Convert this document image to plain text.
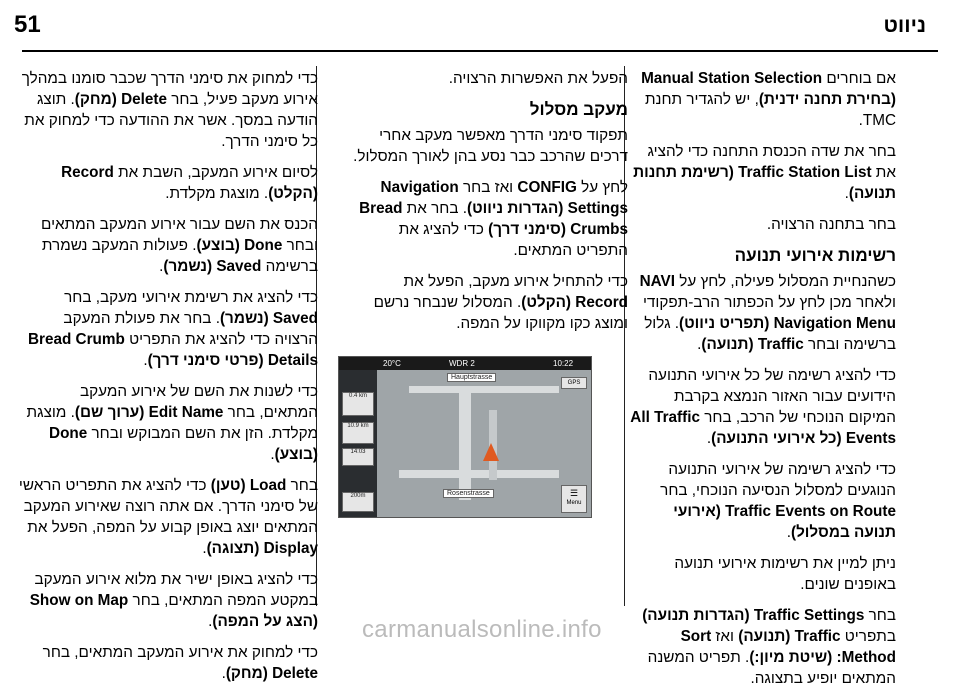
ניווט
51

אם בוחרים Manual Station Selection (בחירת תחנה ידנית), יש להגדיר תחנת TMC.

בחר את שדה הכנסת התחנה כדי להציג את Traffic Station List (רשימת תחנות תנועה).

בחר בתחנה הרצויה.

רשימות אירועי תנועה

כשהנחיית המסלול פעילה, לחץ על NAVI ולאחר מכן לחץ על הכפתור הרב-תפקודי Navigation Menu (תפריט ניווט). גלול ברשימה ובחר Traffic (תנועה).

כדי להציג רשימה של כל אירועי התנועה הידועים עבור האזור הנמצא בקרבת המיקום הנוכחי של הרכב, בחר All Traffic Events (כל אירועי התנועה).

כדי להציג רשימה של אירועי התנועה הנוגעים למסלול הנסיעה הנוכחי, בחר Traffic Events on Route (אירועי תנועה במסלול).

ניתן למיין את רשימות אירועי תנועה באופנים שונים.

בחר Traffic Settings (הגדרות תנועה) בתפריט Traffic (תנועה) ואז Sort Method: (שיטת מיון:). תפריט המשנה המתאים יופיע בתצוגה.

הפעל את האפשרות הרצויה.

מעקב מסלול

תפקוד סימני הדרך מאפשר מעקב אחרי דרכים שהרכב כבר נסע בהן לאורך המסלול.

לחץ על CONFIG ואז בחר Navigation Settings (הגדרות ניווט). בחר את Bread Crumbs (סימני דרך) כדי להציג את התפריט המתאים.

כדי להתחיל אירוע מעקב, הפעל את Record (הקלט). המסלול שנבחר נרשם ומוצג כקו מקווקו על המפה.

20°C	WDR 2	10:22
Hauptstrasse
Rosenstrasse
0.4 km
10.9 km
14:03
200m
GPS
☰
Menu

כדי למחוק את סימני הדרך שכבר סומנו במהלך אירוע מעקב פעיל, בחר Delete (מחק). תוצג הודעה במסך. אשר את ההודעה כדי למחוק את כל סימני הדרך.

לסיום אירוע המעקב, השבת את Record (הקלט). מוצגת מקלדת.

הכנס את השם עבור אירוע המעקב המתאים ובחר Done (בוצע). פעולות המעקב נשמרת ברשימה Saved (נשמר).

כדי להציג את רשימת אירועי מעקב, בחר Saved (נשמר). בחר את פעולת המעקב הרצויה כדי להציג את התפריט Bread Crumb Details (פרטי סימני דרך).

כדי לשנות את השם של אירוע המעקב המתאים, בחר Edit Name (ערוך שם). מוצגת מקלדת. הזן את השם המבוקש ובחר Done (בוצע).

בחר Load (טען) כדי להציג את התפריט הראשי של סימני הדרך. אם אתה רוצה שאירוע המעקב המתאים יוצג באופן קבוע על המפה, הפעל את Display (תצוגה).

כדי להציג באופן ישיר את מלוא אירוע המעקב במקטע המפה המתאים, בחר Show on Map (הצג על המפה).

כדי למחוק את אירוע המעקב המתאים, בחר Delete (מחק).

carmanualsonline.info
